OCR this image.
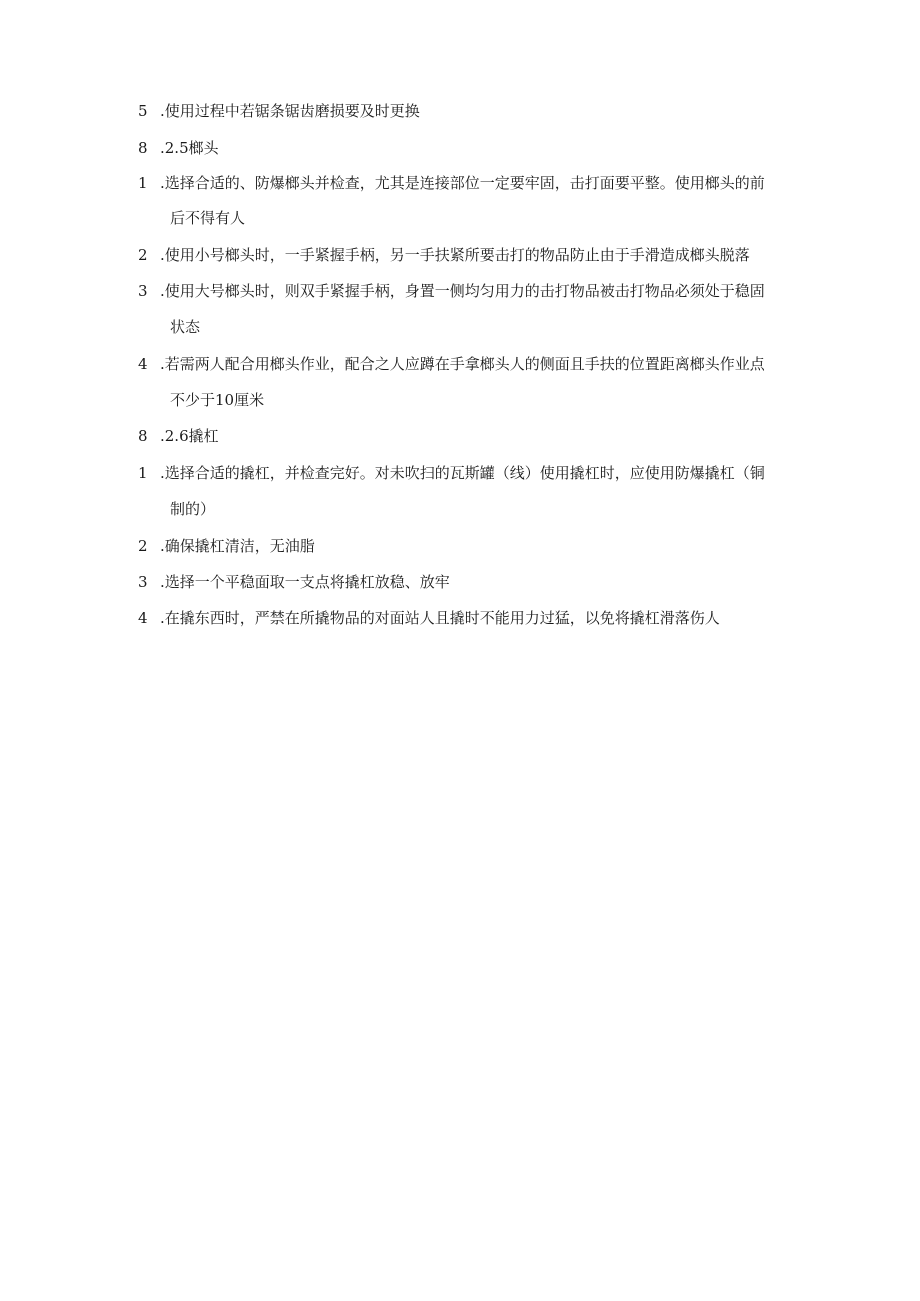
5 .使用过程中若锯条锯齿磨损要及时更换
8 .2.5榔头
1 .选择合适的、防爆榔头并检查，尤其是连接部位一定要牢固，击打面要平整。使用榔头的前
后不得有人
2 .使用小号榔头时，一手紧握手柄，另一手扶紧所要击打的物品防止由于手滑造成榔头脱落
3 .使用大号榔头时，则双手紧握手柄，身置一侧均匀用力的击打物品被击打物品必须处于稳固
状态
4 .若需两人配合用榔头作业，配合之人应蹲在手拿榔头人的侧面且手扶的位置距离榔头作业点
不少于10厘米
8 .2.6撬杠
1 .选择合适的撬杠，并检查完好。对未吹扫的瓦斯罐（线）使用撬杠时，应使用防爆撬杠（铜
制的）
2 .确保撬杠清洁，无油脂
3 .选择一个平稳面取一支点将撬杠放稳、放牢
4 .在撬东西时，严禁在所撬物品的对面站人且撬时不能用力过猛，以免将撬杠滑落伤人
